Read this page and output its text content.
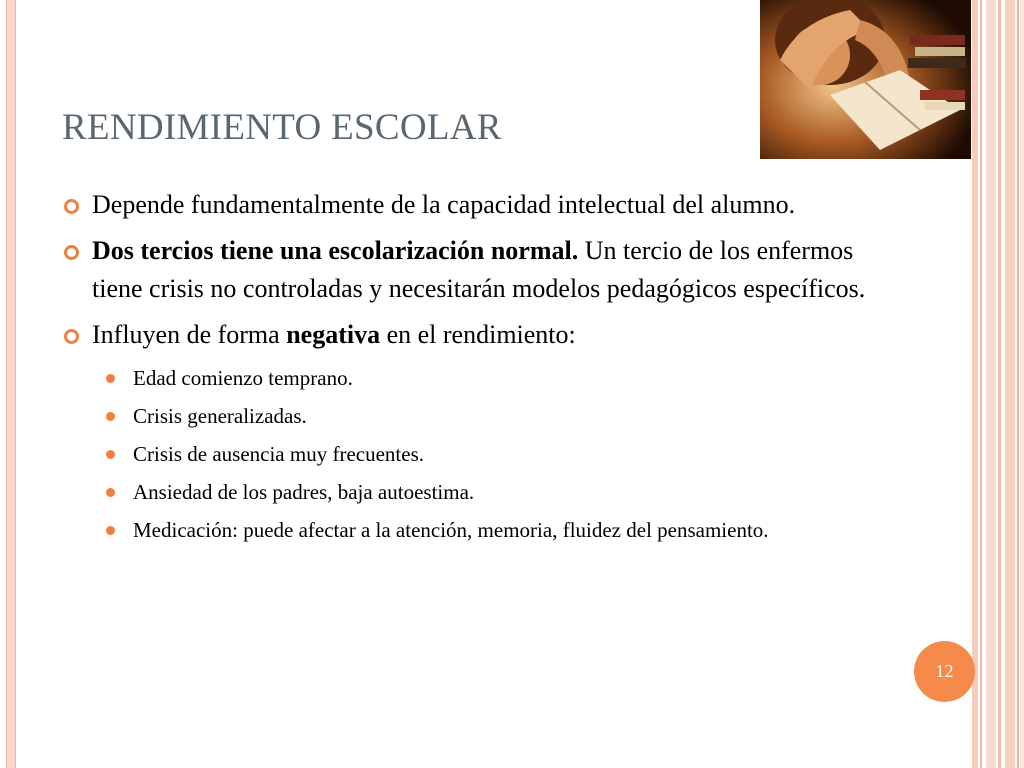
RENDIMIENTO ESCOLAR
Depende fundamentalmente de la capacidad intelectual del alumno.
Dos tercios tiene una escolarización normal. Un tercio de los enfermos tiene crisis no controladas y necesitarán modelos pedagógicos específicos.
Influyen de forma negativa en el rendimiento:
Edad comienzo temprano.
Crisis generalizadas.
Crisis de ausencia muy frecuentes.
Ansiedad de los padres, baja autoestima.
Medicación: puede afectar a la atención, memoria, fluidez del pensamiento.
12
